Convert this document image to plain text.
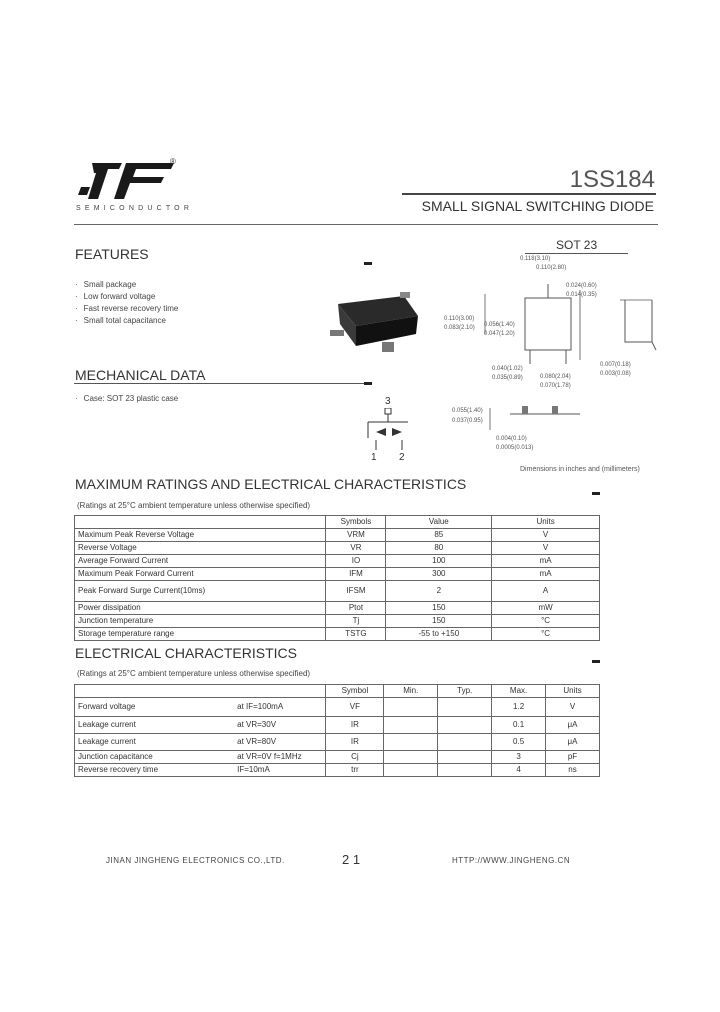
®
SEMICONDUCTOR
1SS184
SMALL SIGNAL SWITCHING DIODE
FEATURES
· Small package
· Low forward voltage
· Fast reverse recovery time
· Small total capacitance
MECHANICAL DATA
· Case: SOT 23 plastic case
SOT 23
0.118(3.10)
0.110(2.80)
0.024(0.60)
0.014(0.35)
0.110(3.00)
0.083(2.10) 0.056(1.40)
0.047(1.20)
0.040(1.02)
0.035(0.89)
0.007(0.18)
0.003(0.08)
0.080(2.04)
0.070(1.78)
0.055(1.40)
0.037(0.95)
0.004(0.10)
0.0005(0.013)
Dimensions in inches and (millimeters)
3
1 2
MAXIMUM RATINGS AND ELECTRICAL CHARACTERISTICS
(Ratings at 25°C ambient temperature unless otherwise specified)
	Symbols	Value	Units
Maximum Peak Reverse Voltage	VRM	85	V
Reverse Voltage	VR	80	V
Average Forward Current	IO	100	mA
Maximum Peak Forward Current	IFM	300	mA
Peak Forward Surge Current(10ms)	IFSM	2	A
Power dissipation	Ptot	150	mW
Junction temperature	Tj	150	°C
Storage temperature range	TSTG	-55 to +150	°C
ELECTRICAL CHARACTERISTICS
(Ratings at 25°C ambient temperature unless otherwise specified)
		Symbol	Min.	Typ.	Max.	Units
Forward voltage	at IF=100mA	VF			1.2	V
Leakage current	at VR=30V	IR			0.1	μA
Leakage current	at VR=80V	IR			0.5	μA
Junction capacitance	at VR=0V f=1MHz	Cj			3	pF
Reverse recovery time	IF=10mA	trr			4	ns
JINAN JINGHENG ELECTRONICS CO.,LTD.	2 1	HTTP://WWW.JINGHENG.CN
